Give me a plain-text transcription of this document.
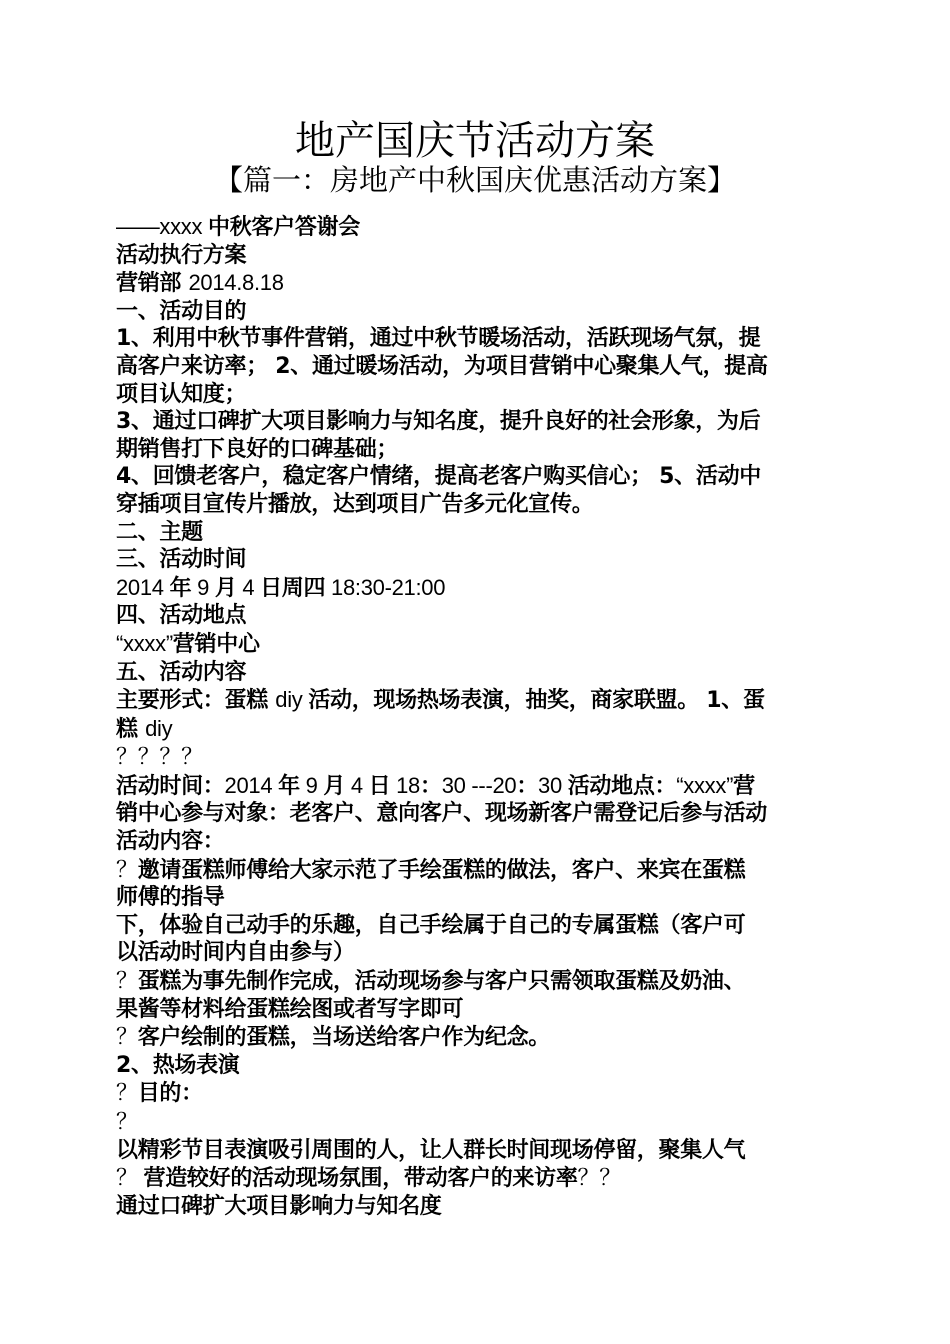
地产国庆节活动方案
【篇一：房地产中秋国庆优惠活动方案】
——xxxx 中秋客户答谢会
活动执行方案
营销部 2014.8.18
一、活动目的
1、利用中秋节事件营销，通过中秋节暖场活动，活跃现场气氛，提
高客户来访率； 2、通过暖场活动，为项目营销中心聚集人气，提高
项目认知度；
3、通过口碑扩大项目影响力与知名度，提升良好的社会形象，为后
期销售打下良好的口碑基础；
4、回馈老客户，稳定客户情绪，提高老客户购买信心； 5、活动中
穿插项目宣传片播放，达到项目广告多元化宣传。
二、主题
三、活动时间
2014 年 9 月 4 日周四 18:30-21:00
四、活动地点
“xxxx”营销中心
五、活动内容
主要形式：蛋糕 diy 活动，现场热场表演，抽奖，商家联盟。 1、蛋
糕 diy
？？？？
活动时间：2014 年 9 月 4 日 18：30 ---20：30 活动地点：“xxxx”营
销中心参与对象：老客户、意向客户、现场新客户需登记后参与活动
活动内容：
？邀请蛋糕师傅给大家示范了手绘蛋糕的做法，客户、来宾在蛋糕
师傅的指导
下，体验自己动手的乐趣，自己手绘属于自己的专属蛋糕（客户可
以活动时间内自由参与）
？蛋糕为事先制作完成，活动现场参与客户只需领取蛋糕及奶油、
果酱等材料给蛋糕绘图或者写字即可
？客户绘制的蛋糕，当场送给客户作为纪念。
2、热场表演
？目的：
？
以精彩节目表演吸引周围的人，让人群长时间现场停留，聚集人气
？ 营造较好的活动现场氛围，带动客户的来访率？？
通过口碑扩大项目影响力与知名度
